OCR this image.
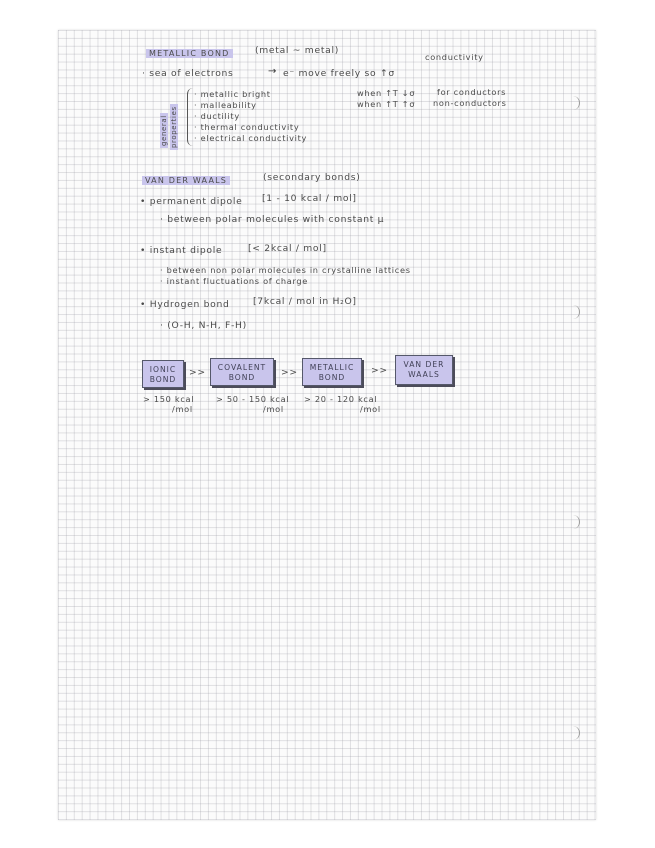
METALLIC BOND	(metal ~ metal)
conductivity
· sea of electrons	→ e⁻ move freely so ↑σ
general properties
· metallic bright
· malleability
· ductility
· thermal conductivity
· electrical conductivity
when ↑T ↓σ	for conductors
when ↑T ↑σ non-conductors
VAN DER WAALS	(secondary bonds)
• permanent dipole [1 - 10 kcal / mol]
· between polar molecules with constant μ
• instant dipole	[< 2kcal / mol]
· between non polar molecules in crystalline lattices
· instant fluctuations of charge
• Hydrogen bond	[7kcal / mol in H₂O]
· (O-H, N-H, F-H)
IONIC BOND
>>	COVALENT BOND	>>	METALLIC BOND
>>
VAN DER WAALS
> 150 kcal
/mol
> 50 - 150 kcal
/mol
> 20 - 120 kcal
/mol
